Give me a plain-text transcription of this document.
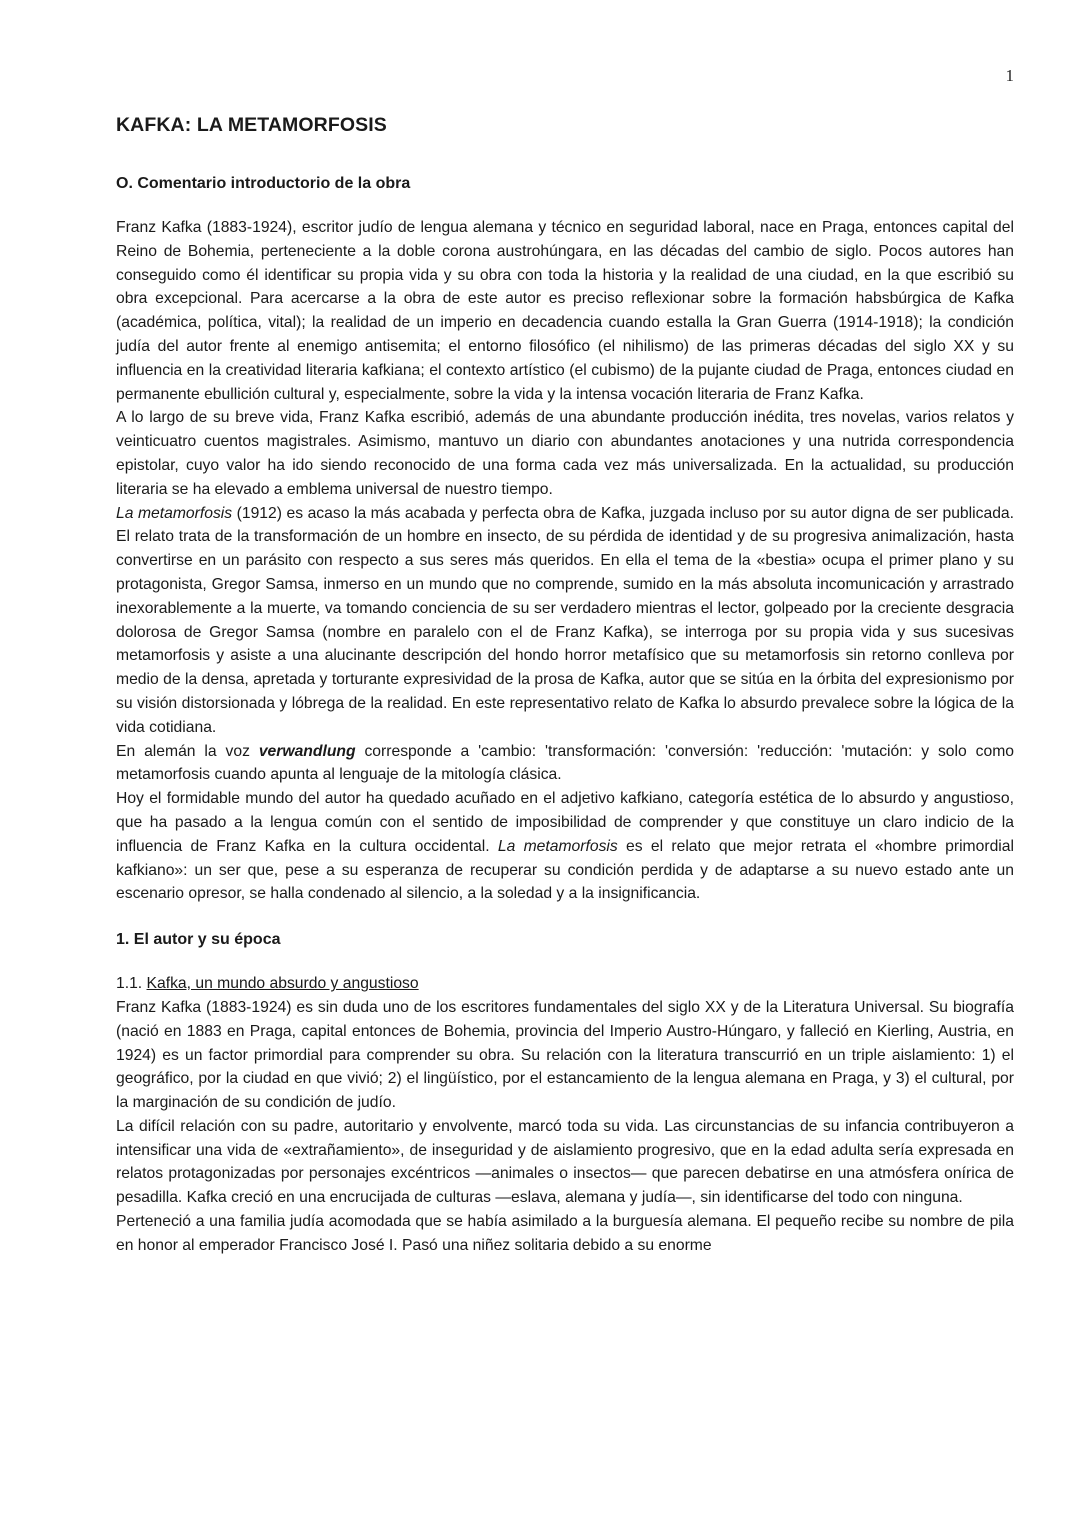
1
KAFKA: LA METAMORFOSIS
O. Comentario introductorio de la obra

Franz Kafka (1883-1924), escritor judío de lengua alemana y técnico en seguridad laboral, nace en Praga, entonces capital del Reino de Bohemia, perteneciente a la doble corona austrohúngara, en las décadas del cambio de siglo. Pocos autores han conseguido como él identificar su propia vida y su obra con toda la historia y la realidad de una ciudad, en la que escribió su obra excepcional. Para acercarse a la obra de este autor es preciso reflexionar sobre la formación habsbúrgica de Kafka (académica, política, vital); la realidad de un imperio en decadencia cuando estalla la Gran Guerra (1914-1918); la condición judía del autor frente al enemigo antisemita; el entorno filosófico (el nihilismo) de las primeras décadas del siglo XX y su influencia en la creatividad literaria kafkiana; el contexto artístico (el cubismo) de la pujante ciudad de Praga, entonces ciudad en permanente ebullición cultural y, especialmente, sobre la vida y la intensa vocación literaria de Franz Kafka.

A lo largo de su breve vida, Franz Kafka escribió, además de una abundante producción inédita, tres novelas, varios relatos y veinticuatro cuentos magistrales. Asimismo, mantuvo un diario con abundantes anotaciones y una nutrida correspondencia epistolar, cuyo valor ha ido siendo reconocido de una forma cada vez más universalizada. En la actualidad, su producción literaria se ha elevado a emblema universal de nuestro tiempo.

La metamorfosis (1912) es acaso la más acabada y perfecta obra de Kafka, juzgada incluso por su autor digna de ser publicada. El relato trata de la transformación de un hombre en insecto, de su pérdida de identidad y de su progresiva animalización, hasta convertirse en un parásito con respecto a sus seres más queridos. En ella el tema de la «bestia» ocupa el primer plano y su protagonista, Gregor Samsa, inmerso en un mundo que no comprende, sumido en la más absoluta incomunicación y arrastrado inexorablemente a la muerte, va tomando conciencia de su ser verdadero mientras el lector, golpeado por la creciente desgracia dolorosa de Gregor Samsa (nombre en paralelo con el de Franz Kafka), se interroga por su propia vida y sus sucesivas metamorfosis y asiste a una alucinante descripción del hondo horror metafísico que su metamorfosis sin retorno conlleva por medio de la densa, apretada y torturante expresividad de la prosa de Kafka, autor que se sitúa en la órbita del expresionismo por su visión distorsionada y lóbrega de la realidad. En este representativo relato de Kafka lo absurdo prevalece sobre la lógica de la vida cotidiana.

En alemán la voz verwandlung corresponde a 'cambio: 'transformación: 'conversión: 'reducción: 'mutación: y solo como metamorfosis cuando apunta al lenguaje de la mitología clásica.

Hoy el formidable mundo del autor ha quedado acuñado en el adjetivo kafkiano, categoría estética de lo absurdo y angustioso, que ha pasado a la lengua común con el sentido de imposibilidad de comprender y que constituye un claro indicio de la influencia de Franz Kafka en la cultura occidental. La metamorfosis es el relato que mejor retrata el «hombre primordial kafkiano»: un ser que, pese a su esperanza de recuperar su condición perdida y de adaptarse a su nuevo estado ante un escenario opresor, se halla condenado al silencio, a la soledad y a la insignificancia.

1. El autor y su época
1.1. Kafka, un mundo absurdo y angustioso

Franz Kafka (1883-1924) es sin duda uno de los escritores fundamentales del siglo XX y de la Literatura Universal. Su biografía (nació en 1883 en Praga, capital entonces de Bohemia, provincia del Imperio Austro-Húngaro, y falleció en Kierling, Austria, en 1924) es un factor primordial para comprender su obra. Su relación con la literatura transcurrió en un triple aislamiento: 1) el geográfico, por la ciudad en que vivió; 2) el lingüístico, por el estancamiento de la lengua alemana en Praga, y 3) el cultural, por la marginación de su condición de judío.

La difícil relación con su padre, autoritario y envolvente, marcó toda su vida. Las circunstancias de su infancia contribuyeron a intensificar una vida de «extrañamiento», de inseguridad y de aislamiento progresivo, que en la edad adulta sería expresada en relatos protagonizadas por personajes excéntricos —animales o insectos— que parecen debatirse en una atmósfera onírica de pesadilla. Kafka creció en una encrucijada de culturas —eslava, alemana y judía—, sin identificarse del todo con ninguna.

Perteneció a una familia judía acomodada que se había asimilado a la burguesía alemana. El pequeño recibe su nombre de pila en honor al emperador Francisco José I. Pasó una niñez solitaria debido a su enorme
